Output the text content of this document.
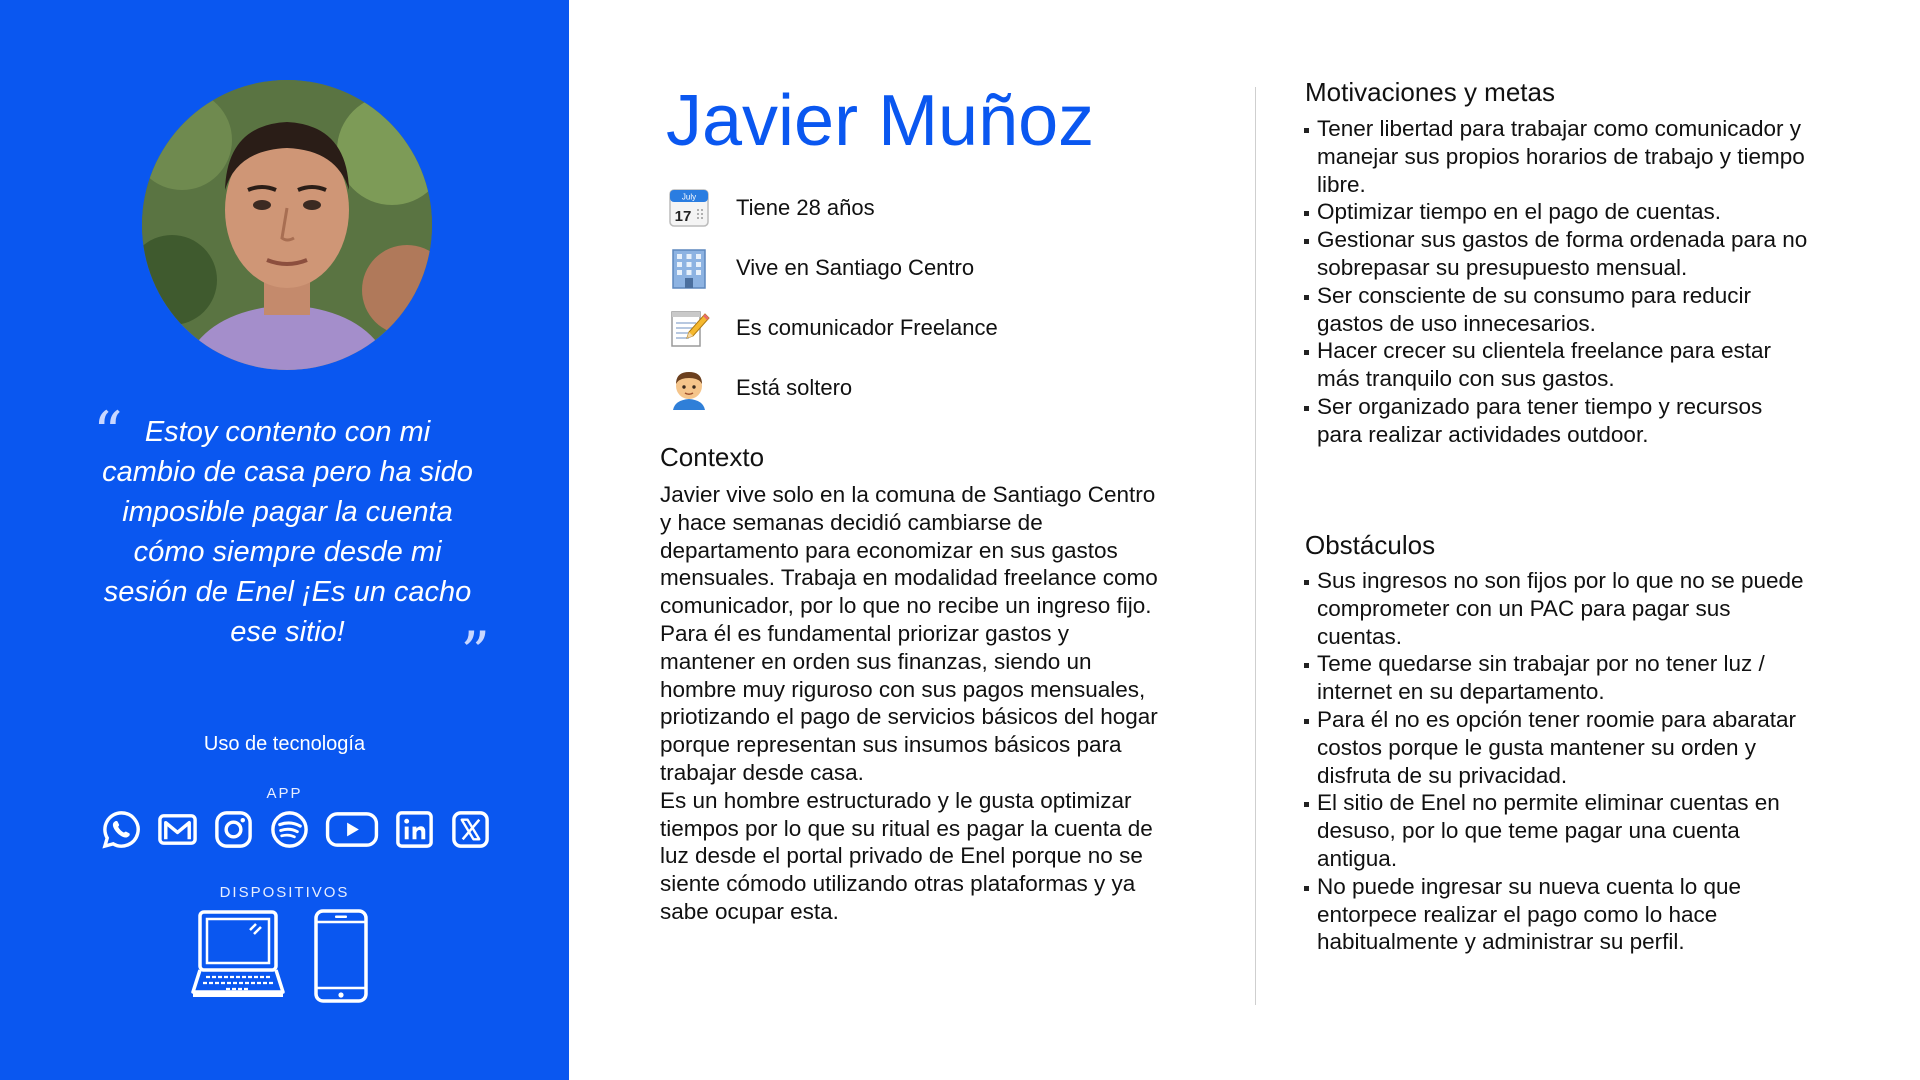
“ Estoy contento con mi cambio de casa pero ha sido imposible pagar la cuenta cómo siempre desde mi sesión de Enel ¡Es un cacho ese sitio! ”
Uso de tecnología
APP
DISPOSITIVOS
Javier Muñoz
July
17 Tiene 28 años
Vive en Santiago Centro
Es comunicador Freelance
Está soltero
Contexto

Javier vive solo en la comuna de Santiago Centro y hace semanas decidió cambiarse de departamento para economizar en sus gastos mensuales. Trabaja en modalidad freelance como comunicador, por lo que no recibe un ingreso fijo. Para él es fundamental priorizar gastos y mantener en orden sus finanzas, siendo un hombre muy riguroso con sus pagos mensuales, priotizando el pago de servicios básicos del hogar porque representan sus insumos básicos para trabajar desde casa.

Es un hombre estructurado y le gusta optimizar tiempos por lo que su ritual es pagar la cuenta de luz desde el portal privado de Enel porque no se siente cómodo utilizando otras plataformas y ya sabe ocupar esta.

Motivaciones y metas
Tener libertad para trabajar como comunicador y manejar sus propios horarios de trabajo y tiempo libre.
Optimizar tiempo en el pago de cuentas.
Gestionar sus gastos de forma ordenada para no sobrepasar su presupuesto mensual.
Ser consciente de su consumo para reducir gastos de uso innecesarios.
Hacer crecer su clientela freelance para estar más tranquilo con sus gastos.
Ser organizado para tener tiempo y recursos para realizar actividades outdoor.
Obstáculos
Sus ingresos no son fijos por lo que no se puede comprometer con un PAC para pagar sus cuentas.
Teme quedarse sin trabajar por no tener luz / internet en su departamento.
Para él no es opción tener roomie para abaratar costos porque le gusta mantener su orden y disfruta de su privacidad.
El sitio de Enel no permite eliminar cuentas en desuso, por lo que teme pagar una cuenta antigua.
No puede ingresar su nueva cuenta lo que entorpece realizar el pago como lo hace habitualmente y administrar su perfil.
